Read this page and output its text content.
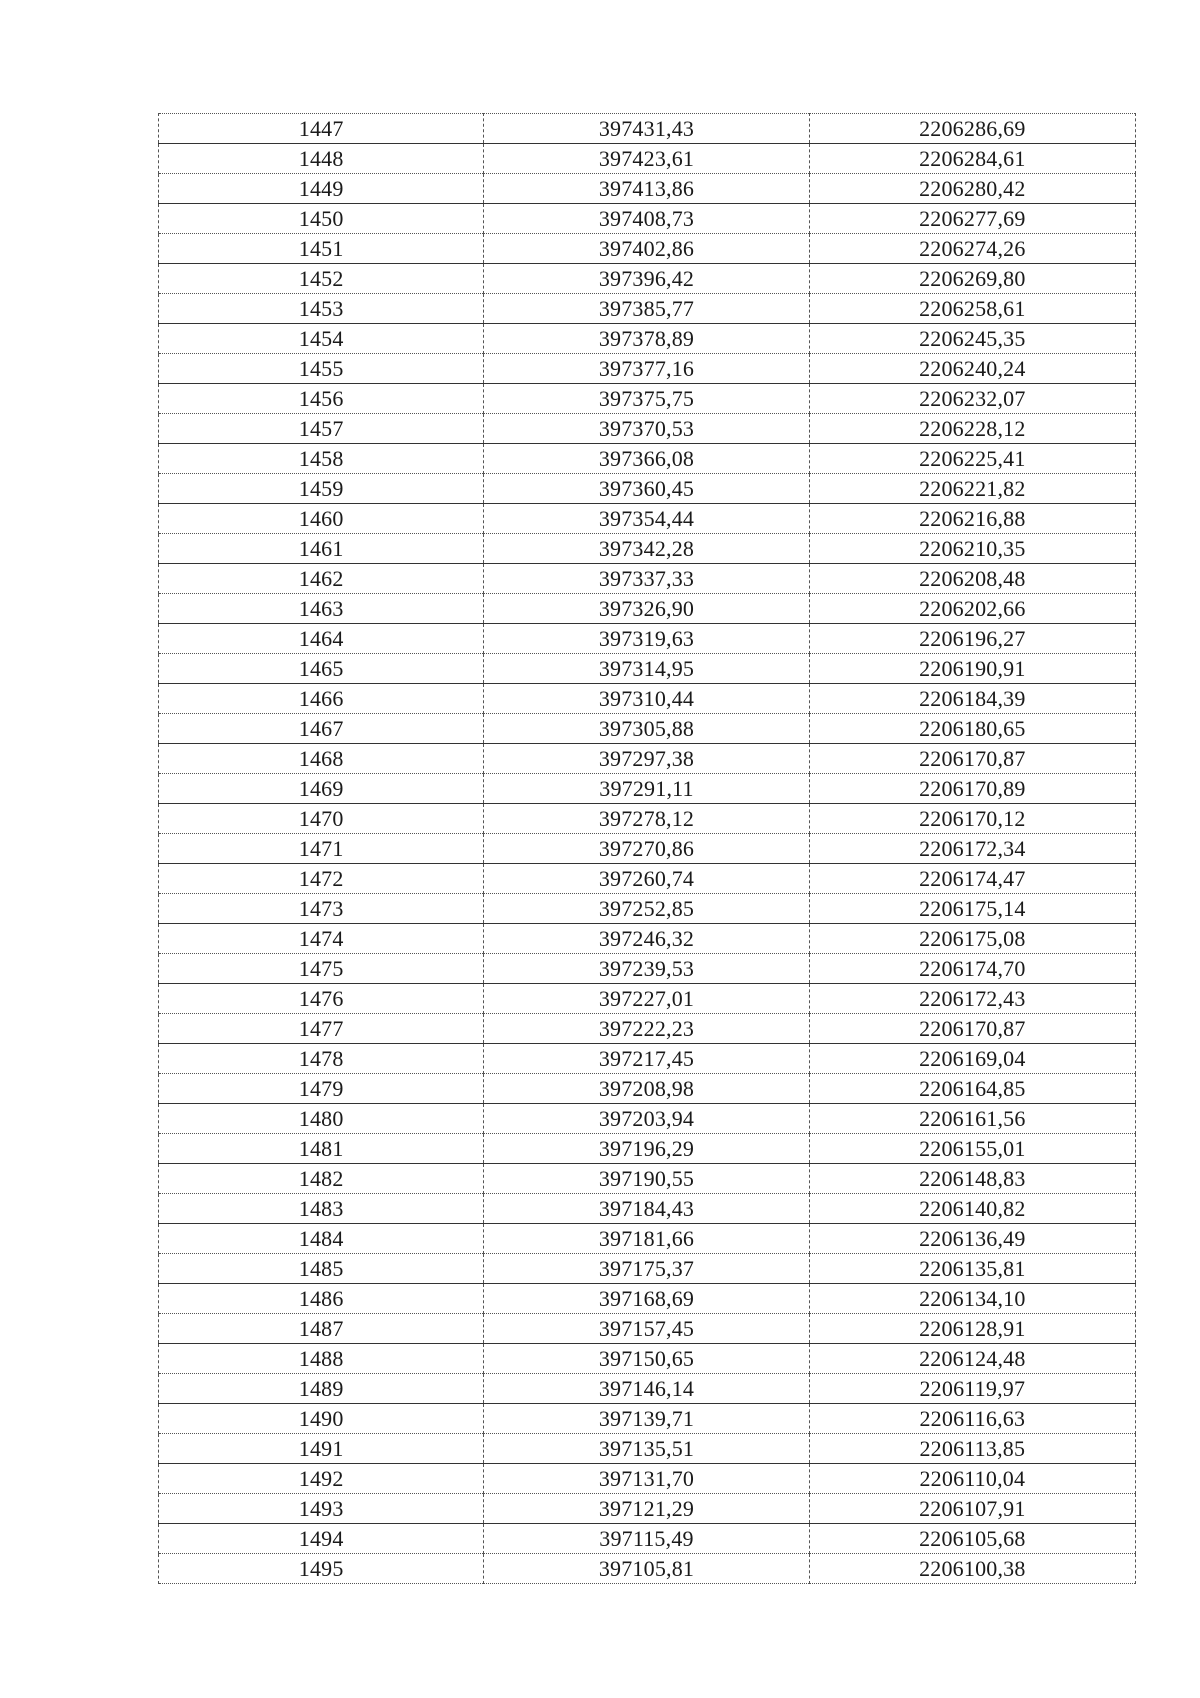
1447	397431,43	2206286,69
1448	397423,61	2206284,61
1449	397413,86	2206280,42
1450	397408,73	2206277,69
1451	397402,86	2206274,26
1452	397396,42	2206269,80
1453	397385,77	2206258,61
1454	397378,89	2206245,35
1455	397377,16	2206240,24
1456	397375,75	2206232,07
1457	397370,53	2206228,12
1458	397366,08	2206225,41
1459	397360,45	2206221,82
1460	397354,44	2206216,88
1461	397342,28	2206210,35
1462	397337,33	2206208,48
1463	397326,90	2206202,66
1464	397319,63	2206196,27
1465	397314,95	2206190,91
1466	397310,44	2206184,39
1467	397305,88	2206180,65
1468	397297,38	2206170,87
1469	397291,11	2206170,89
1470	397278,12	2206170,12
1471	397270,86	2206172,34
1472	397260,74	2206174,47
1473	397252,85	2206175,14
1474	397246,32	2206175,08
1475	397239,53	2206174,70
1476	397227,01	2206172,43
1477	397222,23	2206170,87
1478	397217,45	2206169,04
1479	397208,98	2206164,85
1480	397203,94	2206161,56
1481	397196,29	2206155,01
1482	397190,55	2206148,83
1483	397184,43	2206140,82
1484	397181,66	2206136,49
1485	397175,37	2206135,81
1486	397168,69	2206134,10
1487	397157,45	2206128,91
1488	397150,65	2206124,48
1489	397146,14	2206119,97
1490	397139,71	2206116,63
1491	397135,51	2206113,85
1492	397131,70	2206110,04
1493	397121,29	2206107,91
1494	397115,49	2206105,68
1495	397105,81	2206100,38
